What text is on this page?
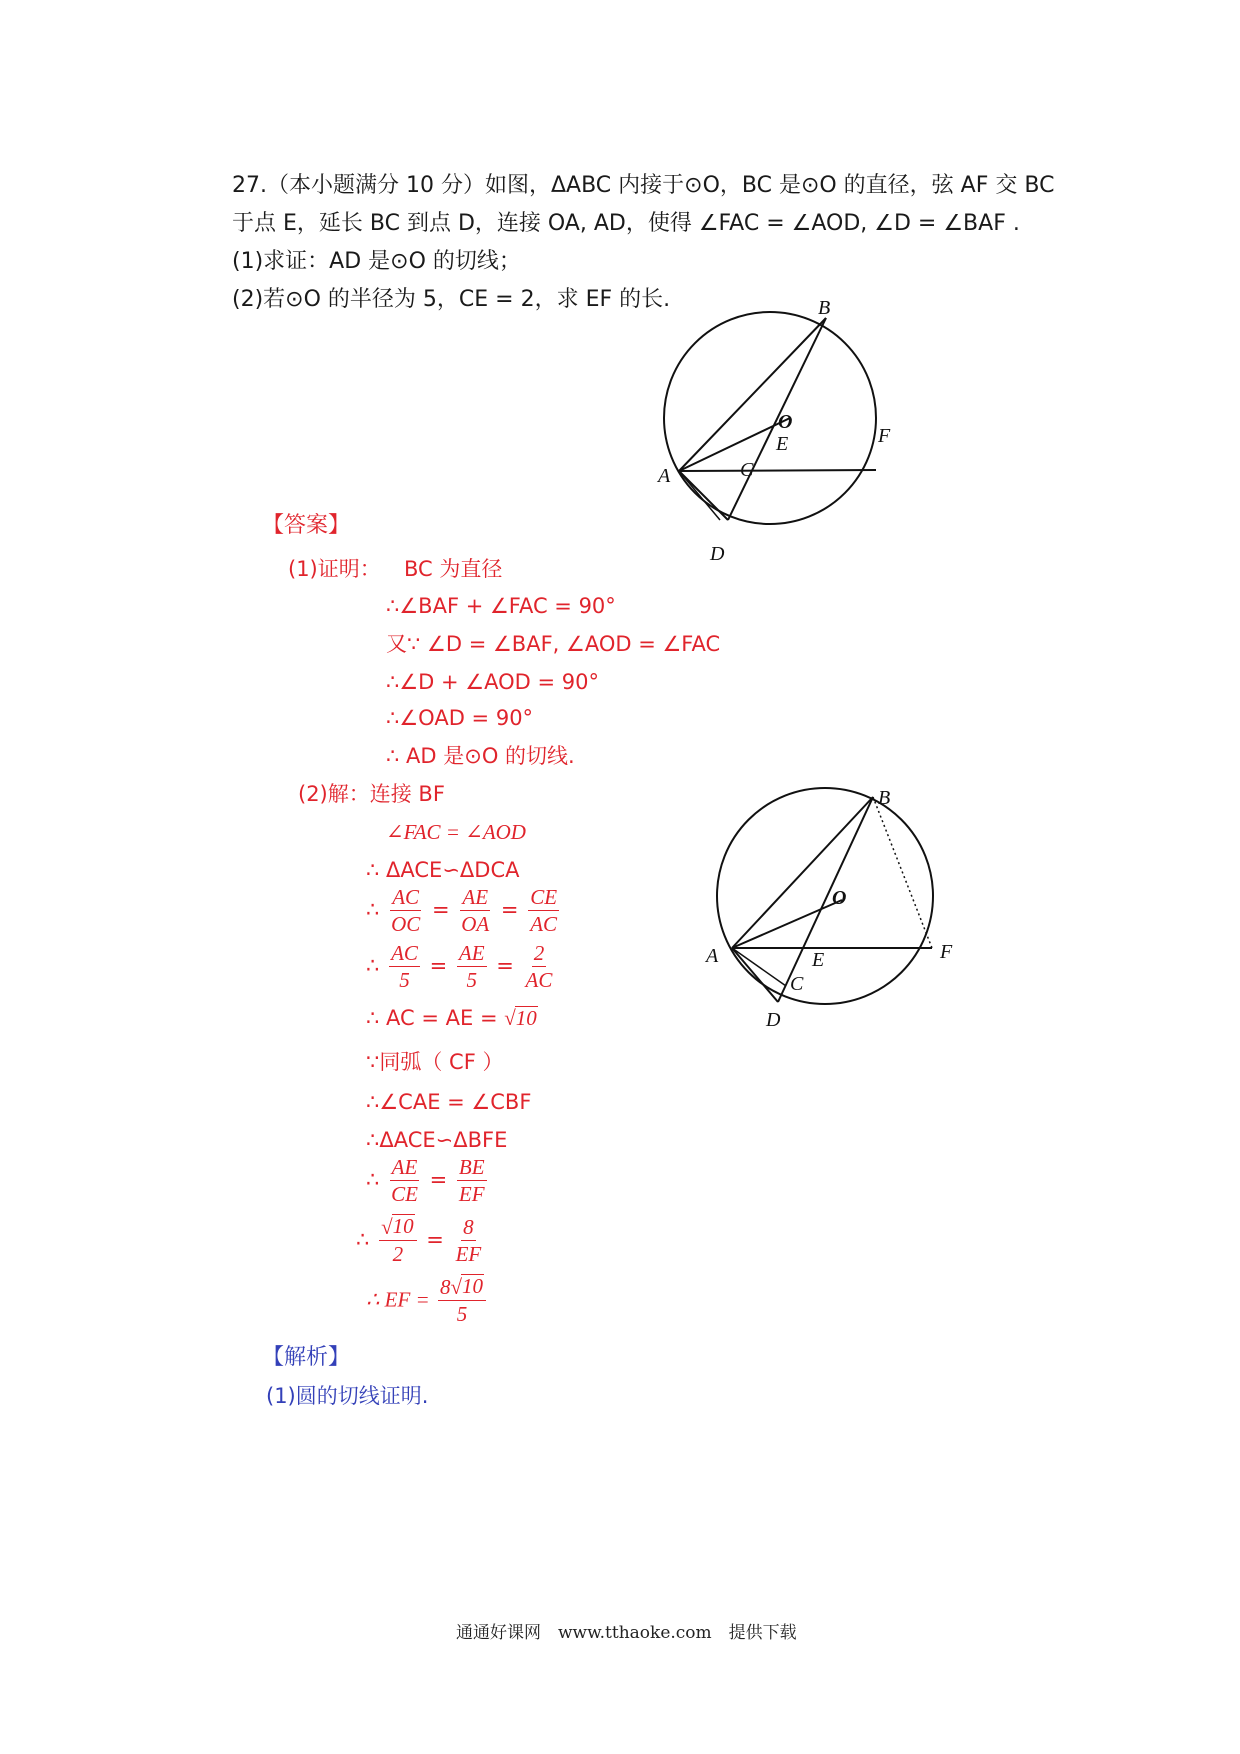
27.（本小题满分 10 分）如图，ΔABC 内接于⊙O，BC 是⊙O 的直径，弦 AF 交 BC
于点 E，延长 BC 到点 D，连接 OA, AD，使得 ∠FAC = ∠AOD, ∠D = ∠BAF .
(1)求证：AD 是⊙O 的切线；
(2)若⊙O 的半径为 5，CE = 2，求 EF 的长.	B
O
E	F
A	C
D
【答案】
(1)证明： BC 为直径
∴∠BAF + ∠FAC = 90°
又∵ ∠D = ∠BAF, ∠AOD = ∠FAC
∴∠D + ∠AOD = 90°
∴∠OAD = 90°
∴ AD 是⊙O 的切线.
(2)解：连接 BF
∠FAC = ∠AOD
∴ ΔACE∽ΔDCA
∴ $\frac{AC}{OC} = \frac{AE}{OA} = \frac{CE}{AC}$
∴ $\frac{AC}{5} = \frac{AE}{5} = \frac{2}{AC}$
∴ AC = AE = √ 10
∵同弧（ CF ）
∴∠CAE = ∠CBF
∴ΔACE∽ΔBFE
∴ $\frac{AE}{CE} = \frac{BE}{EF}$
∴ $\frac{√ 10}{2} = \frac{8}{EF}$
∴ EF = $\frac{8 √ 10}{5}$
B
O
A	E	F
C
D
【解析】
(1)圆的切线证明.
通通好课网　www.tthaoke.com　提供下载
